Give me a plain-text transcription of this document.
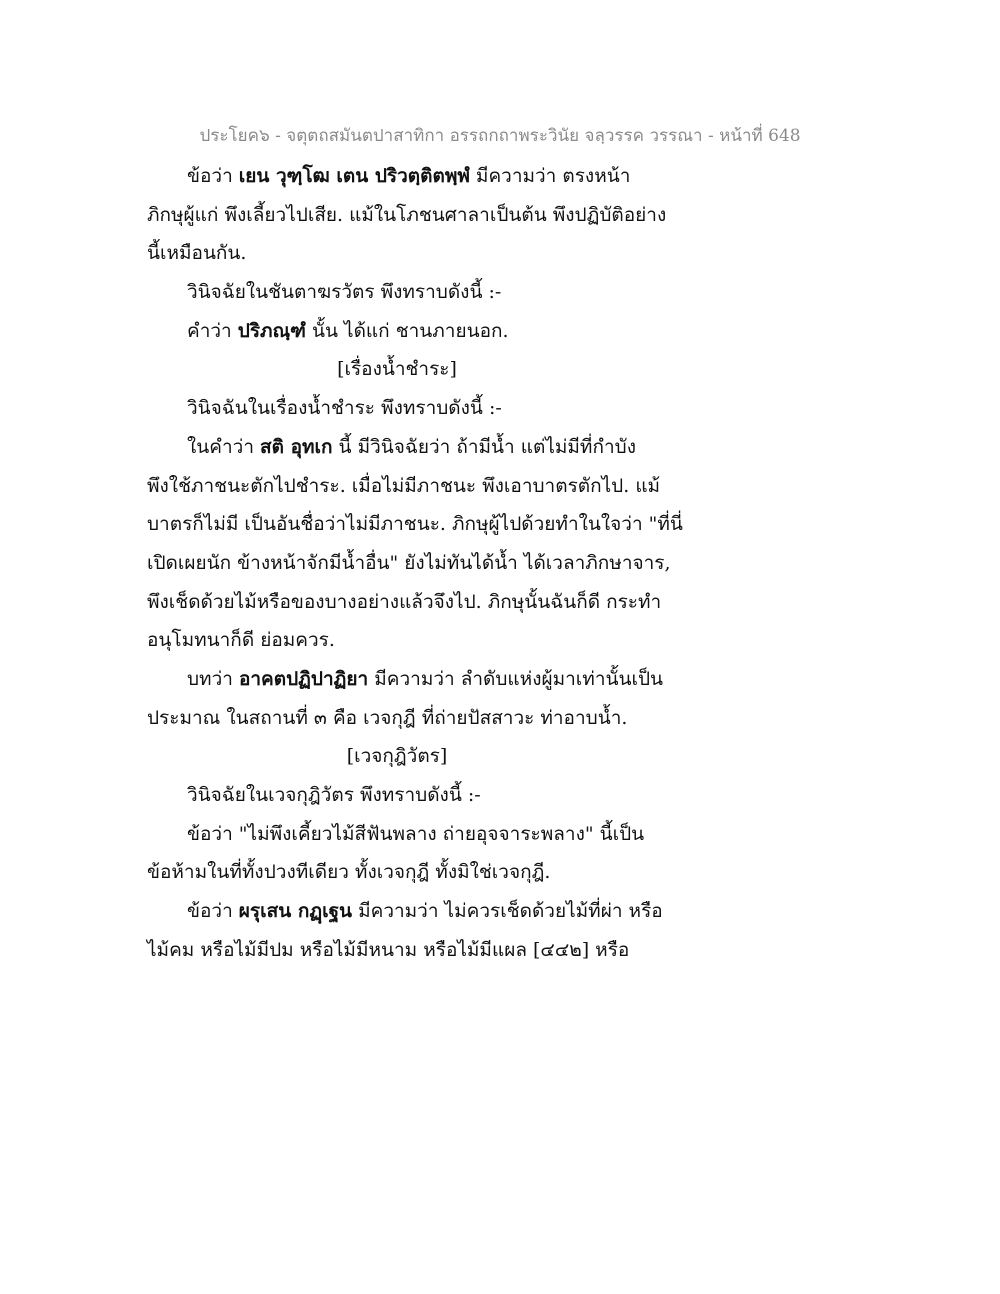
ประโยค๖ - จตุตถสมันตปาสาทิกา อรรถกถาพระวินัย จลฺวรรค วรรณา - หน้าที่ 648
ข้อว่า เยน วุฑฺโฒ เตน ปริวตฺติตพฺพํ มีความว่า ตรงหน้า
ภิกษุผู้แก่ พึงเลี้ยวไปเสีย. แม้ในโภชนศาลาเป็นต้น พึงปฏิบัติอย่าง
นี้เหมือนกัน.
วินิจฉัยในชันตาฆรวัตร พึงทราบดังนี้ :-
คำว่า ปริภณฺฑํ นั้น ได้แก่ ชานภายนอก.
[เรื่องน้ำชำระ]
วินิจฉันในเรื่องน้ำชำระ พึงทราบดังนี้ :-
ในคำว่า สติ อุทเก นี้ มีวินิจฉัยว่า ถ้ามีน้ำ แต่ไม่มีที่กำบัง
พึงใช้ภาชนะตักไปชำระ. เมื่อไม่มีภาชนะ พึงเอาบาตรตักไป. แม้
บาตรก็ไม่มี เป็นอันชื่อว่าไม่มีภาชนะ. ภิกษุผู้ไปด้วยทำในใจว่า "ที่นี่
เปิดเผยนัก ข้างหน้าจักมีน้ำอื่น" ยังไม่ทันได้น้ำ ได้เวลาภิกษาจาร,
พึงเช็ดด้วยไม้หรือของบางอย่างแล้วจึงไป. ภิกษุนั้นฉันก็ดี กระทำ
อนุโมทนาก็ดี ย่อมควร.
บทว่า อาคตปฏิปาฏิยา มีความว่า ลำดับแห่งผู้มาเท่านั้นเป็น
ประมาณ ในสถานที่ ๓ คือ เวจกุฎี ที่ถ่ายปัสสาวะ ท่าอาบน้ำ.
[เวจกุฎิวัตร]
วินิจฉัยในเวจกุฎิวัตร พึงทราบดังนี้ :-
ข้อว่า "ไม่พึงเคี้ยวไม้สีฟันพลาง ถ่ายอุจจาระพลาง" นี้เป็น
ข้อห้ามในที่ทั้งปวงทีเดียว ทั้งเวจกุฎี ทั้งมิใช่เวจกุฎี.
ข้อว่า ผรุเสน กฏฺเฐน มีความว่า ไม่ควรเช็ดด้วยไม้ที่ผ่า หรือ
ไม้คม หรือไม้มีปม หรือไม้มีหนาม หรือไม้มีแผล [๔๔๒] หรือ
